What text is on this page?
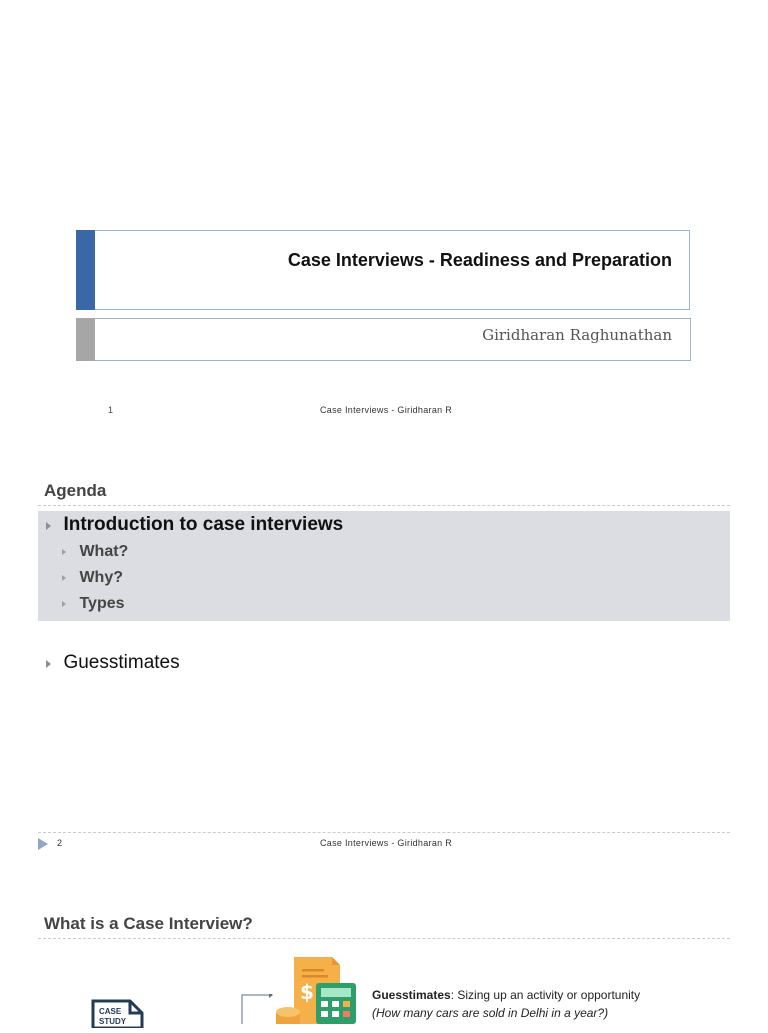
Case Interviews - Readiness and Preparation
Giridharan Raghunathan
1	Case Interviews - Giridharan R
Agenda
Introduction to case interviews
What?
Why?
Types
Guesstimates
2	Case Interviews - Giridharan R
What is a Case Interview?
CASE
STUDY
$	Guesstimates: Sizing up an activity or opportunity
(How many cars are sold in Delhi in a year?)
